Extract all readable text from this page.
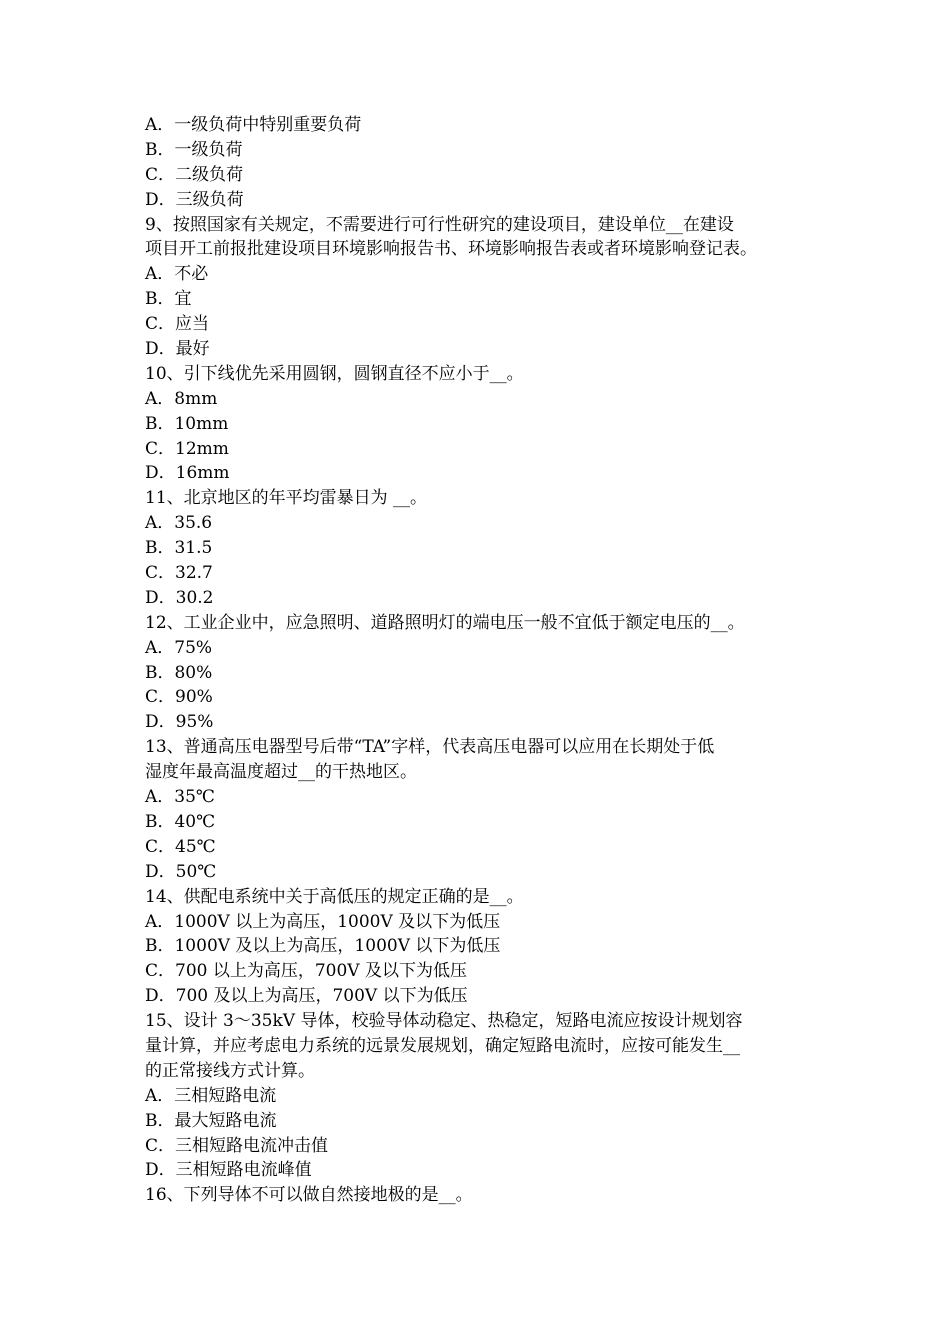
A．一级负荷中特别重要负荷
B．一级负荷
C．二级负荷
D．三级负荷
9、按照国家有关规定，不需要进行可行性研究的建设项目，建设单位__在建设
项目开工前报批建设项目环境影响报告书、环境影响报告表或者环境影响登记表。
A．不必
B．宜
C．应当
D．最好
10、引下线优先采用圆钢，圆钢直径不应小于__。
A．8mm
B．10mm
C．12mm
D．16mm
11、北京地区的年平均雷暴日为 __。
A．35.6
B．31.5
C．32.7
D．30.2
12、工业企业中，应急照明、道路照明灯的端电压一般不宜低于额定电压的__。
A．75%
B．80%
C．90%
D．95%
13、普通高压电器型号后带“TA”字样，代表高压电器可以应用在长期处于低
湿度年最高温度超过__的干热地区。
A．35℃
B．40℃
C．45℃
D．50℃
14、供配电系统中关于高低压的规定正确的是__。
A．1000V 以上为高压，1000V 及以下为低压
B．1000V 及以上为高压，1000V 以下为低压
C．700 以上为高压，700V 及以下为低压
D．700 及以上为高压，700V 以下为低压
15、设计 3～35kV 导体，校验导体动稳定、热稳定，短路电流应按设计规划容
量计算，并应考虑电力系统的远景发展规划，确定短路电流时，应按可能发生__
的正常接线方式计算。
A．三相短路电流
B．最大短路电流
C．三相短路电流冲击值
D．三相短路电流峰值
16、下列导体不可以做自然接地极的是__。
